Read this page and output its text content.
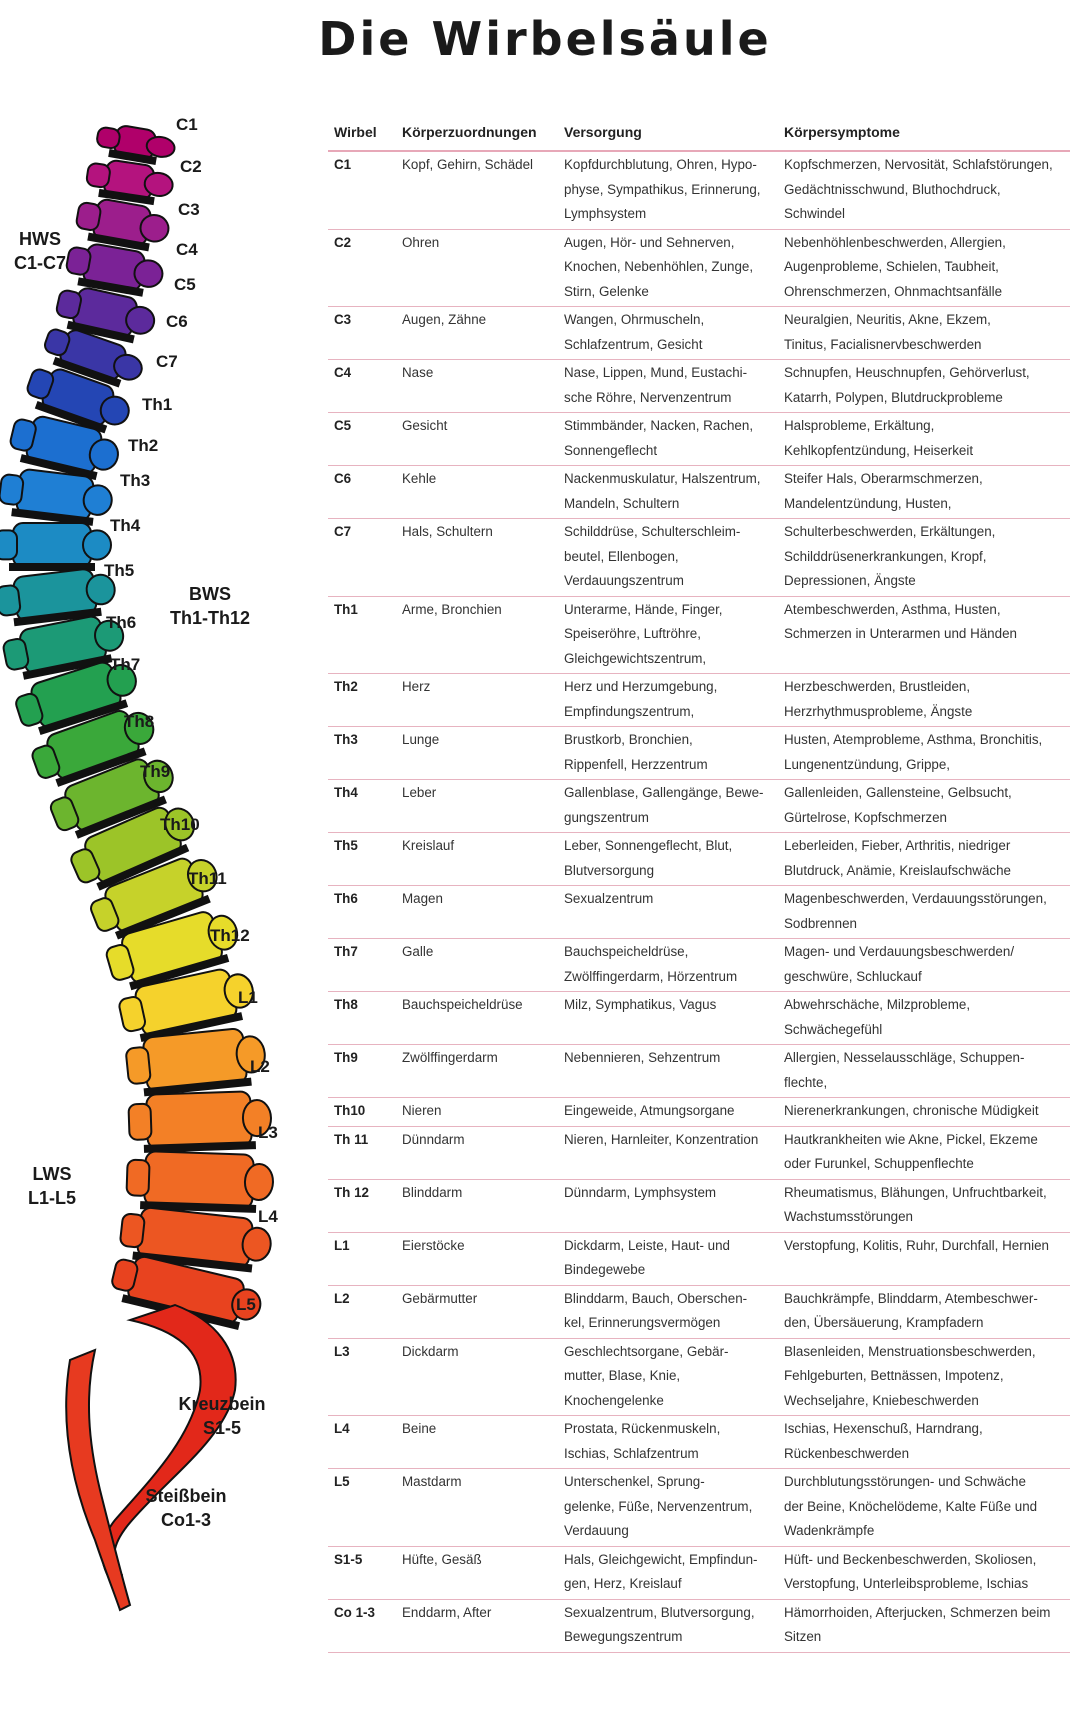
Die Wirbelsäule
C1
C2
C3
C4
C5
C6
C7
Th1
Th2
Th3
Th4
Th5
Th6
Th7
Th8
Th9
Th10
Th11
Th12
L1
L2
L3
L4
L5
HWS
C1-C7
BWS
Th1-Th12
LWS
L1-L5
Kreuzbein
S1-5
Steißbein
Co1-3
Wirbel	Körperzuordnungen	Versorgung	Körpersymptome
C1	Kopf, Gehirn, Schädel	Kopfdurchblutung, Ohren, Hypo-
physe, Sympathikus, Erinnerung,
Lymphsystem	Kopfschmerzen, Nervosität, Schlafstörungen,
Gedächtnisschwund, Bluthochdruck,
Schwindel
C2	Ohren	Augen, Hör- und Sehnerven,
Knochen, Nebenhöhlen, Zunge,
Stirn, Gelenke	Nebenhöhlenbeschwerden, Allergien,
Augenprobleme, Schielen, Taubheit,
Ohrenschmerzen, Ohnmachtsanfälle
C3	Augen, Zähne	Wangen, Ohrmuscheln,
Schlafzentrum, Gesicht	Neuralgien, Neuritis, Akne, Ekzem,
Tinitus, Facialisnervbeschwerden
C4	Nase	Nase, Lippen, Mund, Eustachi-
sche Röhre, Nervenzentrum	Schnupfen, Heuschnupfen, Gehörverlust,
Katarrh, Polypen, Blutdruckprobleme
C5	Gesicht	Stimmbänder, Nacken, Rachen,
Sonnengeflecht	Halsprobleme, Erkältung,
Kehlkopfentzündung, Heiserkeit
C6	Kehle	Nackenmuskulatur, Halszentrum,
Mandeln, Schultern	Steifer Hals, Oberarmschmerzen,
Mandelentzündung, Husten,
C7	Hals, Schultern	Schilddrüse, Schulterschleim-
beutel, Ellenbogen,
Verdauungszentrum	Schulterbeschwerden, Erkältungen,
Schilddrüsenerkrankungen, Kropf,
Depressionen, Ängste
Th1	Arme, Bronchien	Unterarme, Hände, Finger,
Speiseröhre, Luftröhre,
Gleichgewichtszentrum,	Atembeschwerden, Asthma, Husten,
Schmerzen in Unterarmen und Händen
Th2	Herz	Herz und Herzumgebung,
Empfindungszentrum,	Herzbeschwerden, Brustleiden,
Herzrhythmusprobleme, Ängste
Th3	Lunge	Brustkorb, Bronchien,
Rippenfell, Herzzentrum	Husten, Atemprobleme, Asthma, Bronchitis,
Lungenentzündung, Grippe,
Th4	Leber	Gallenblase, Gallengänge, Bewe-
gungszentrum	Gallenleiden, Gallensteine, Gelbsucht,
Gürtelrose, Kopfschmerzen
Th5	Kreislauf	Leber, Sonnengeflecht, Blut,
Blutversorgung	Leberleiden, Fieber, Arthritis, niedriger
Blutdruck, Anämie, Kreislaufschwäche
Th6	Magen	Sexualzentrum	Magenbeschwerden, Verdauungsstörungen,
Sodbrennen
Th7	Galle	Bauchspeicheldrüse,
Zwölffingerdarm, Hörzentrum	Magen- und Verdauungsbeschwerden/
geschwüre, Schluckauf
Th8	Bauchspeicheldrüse	Milz, Symphatikus, Vagus	Abwehrschäche, Milzprobleme,
Schwächegefühl
Th9	Zwölffingerdarm	Nebennieren, Sehzentrum	Allergien, Nesselausschläge, Schuppen-
flechte,
Th10	Nieren	Eingeweide, Atmungsorgane	Nierenerkrankungen, chronische Müdigkeit
Th 11	Dünndarm	Nieren, Harnleiter, Konzentration	Hautkrankheiten wie Akne, Pickel, Ekzeme
oder Furunkel, Schuppenflechte
Th 12	Blinddarm	Dünndarm, Lymphsystem	Rheumatismus, Blähungen, Unfruchtbarkeit,
Wachstumsstörungen
L1	Eierstöcke	Dickdarm, Leiste, Haut- und
Bindegewebe	Verstopfung, Kolitis, Ruhr, Durchfall, Hernien
L2	Gebärmutter	Blinddarm, Bauch, Oberschen-
kel, Erinnerungsvermögen	Bauchkrämpfe, Blinddarm, Atembeschwer-
den, Übersäuerung, Krampfadern
L3	Dickdarm	Geschlechtsorgane, Gebär-
mutter, Blase, Knie,
Knochengelenke	Blasenleiden, Menstruationsbeschwerden,
Fehlgeburten, Bettnässen, Impotenz,
Wechseljahre, Kniebeschwerden
L4	Beine	Prostata, Rückenmuskeln,
Ischias, Schlafzentrum	Ischias, Hexenschuß, Harndrang,
Rückenbeschwerden
L5	Mastdarm	Unterschenkel, Sprung-
gelenke, Füße, Nervenzentrum,
Verdauung	Durchblutungsstörungen- und Schwäche
der Beine, Knöchelödeme, Kalte Füße und
Wadenkrämpfe
S1-5	Hüfte, Gesäß	Hals, Gleichgewicht, Empfindun-
gen, Herz, Kreislauf	Hüft- und Beckenbeschwerden, Skoliosen,
Verstopfung, Unterleibsprobleme, Ischias
Co 1-3	Enddarm, After	Sexualzentrum, Blutversorgung,
Bewegungszentrum	Hämorrhoiden, Afterjucken, Schmerzen beim
Sitzen
